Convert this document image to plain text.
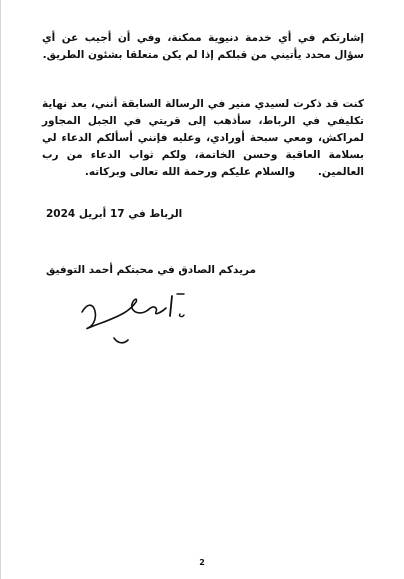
إشارتكم في أي خدمة دنيوية ممكنة، وفي أن أجيب عن أي سؤال محدد يأتيني من قبلكم إذا لم يكن متعلقا بشئون الطريق.
كنت قد ذكرت لسيدي منير في الرسالة السابقة أنني، بعد نهاية تكليفي في الرباط، سأذهب إلى قريتي في الجبل المجاور لمراكش، ومعي سبحة أورادي، وعليه فإنني أسألكم الدعاء لي بسلامة العاقبة وحسن الخاتمة، ولكم ثواب الدعاء من رب العالمين.
والسلام عليكم ورحمة الله تعالى وبركاته.
الرباط في 17 أبريل 2024
مريدكم الصادق في محبتكم أحمد التوفيق
2
